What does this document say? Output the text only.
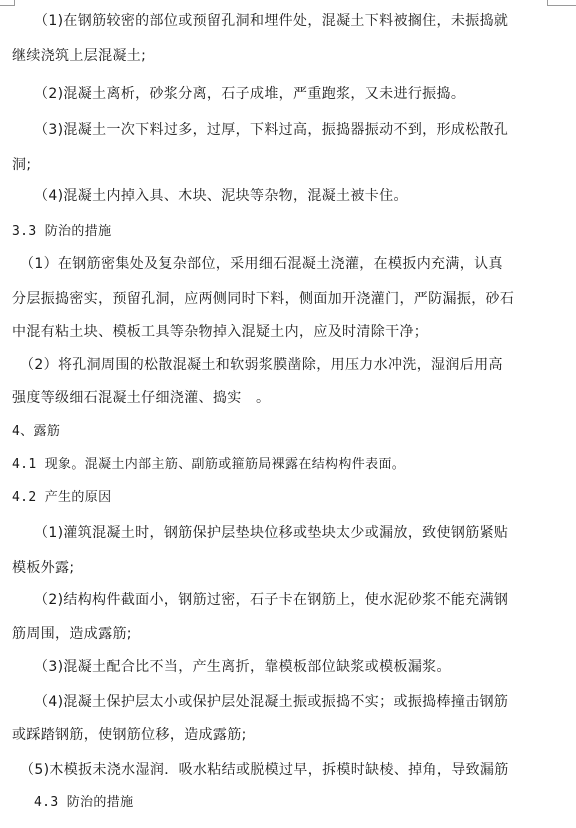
（1)在钢筋较密的部位或预留孔洞和埋件处，混凝土下料被搁住，未振捣就
继续浇筑上层混凝土;
（2)混凝土离析，砂浆分离，石子成堆，严重跑浆，又未进行振捣。
（3)混凝土一次下料过多，过厚，下料过高，振捣器振动不到，形成松散孔
洞;
（4)混凝土内掉入具、木块、泥块等杂物，混凝土被卡住。
3.3 防治的措施
（1）在钢筋密集处及复杂部位，采用细石混凝土浇灌，在模扳内充满，认真
分层振捣密实，预留孔洞，应两侧同时下料，侧面加开浇灌门，严防漏振，砂石
中混有粘土块、模板工具等杂物掉入混疑土内，应及时清除干净；
（2）将孔洞周围的松散混凝土和软弱浆膜凿除，用压力水冲洗，湿润后用高
强度等级细石混凝土仔细浇灌、捣实　。
4、露筋
4.1 现象。混凝土内部主筋、副筋或箍筋局裸露在结构构件表面。
4.2 产生的原因
（1)灌筑混凝土时，钢筋保护层垫块位移或垫块太少或漏放，致使钢筋紧贴
模板外露;
（2)结构构件截面小，钢筋过密，石子卡在钢筋上，使水泥砂浆不能充满钢
筋周围，造成露筋;
（3)混凝土配合比不当，产生离折，靠模板部位缺浆或模板漏浆。
（4)混凝土保护层太小或保护层处混凝土振或振捣不实；或振捣棒撞击钢筋
或踩踏钢筋，使钢筋位移，造成露筋;
（5)木模扳未浇水湿润．吸水粘结或脱模过早，拆模时缺棱、掉角，导致漏筋
4.3 防治的措施
